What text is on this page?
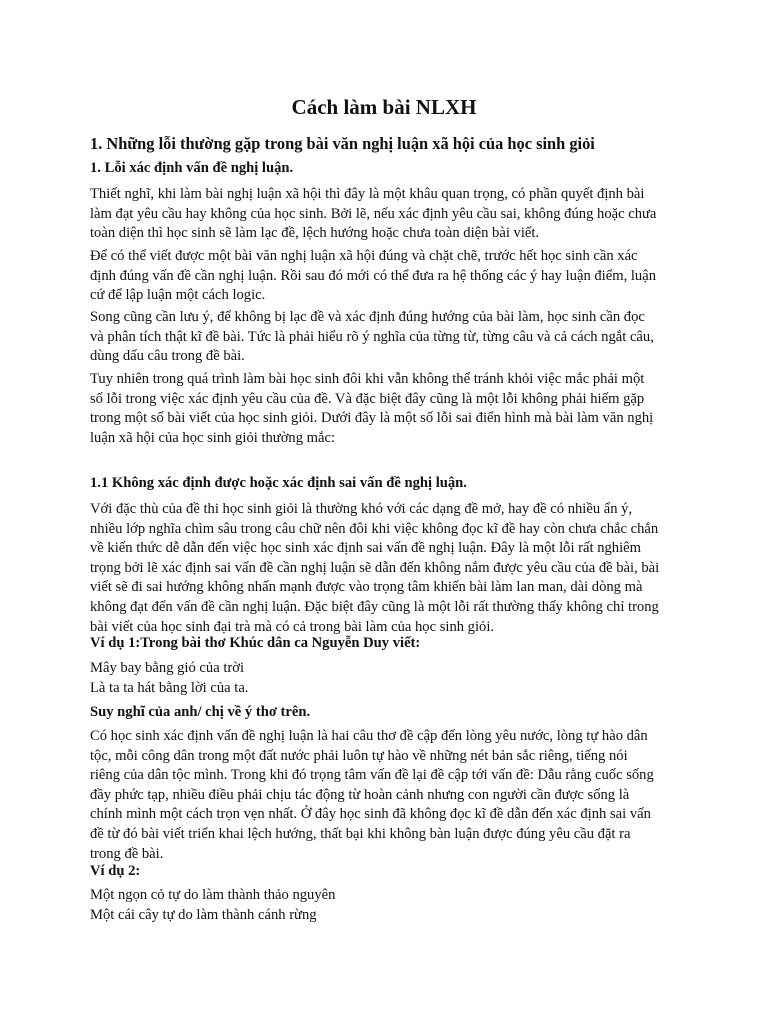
Cách làm bài NLXH
1. Những lỗi thường gặp trong bài văn nghị luận xã hội của học sinh giỏi
1. Lỗi xác định vấn đề nghị luận.
Thiết nghĩ, khi làm bài nghị luận xã hội thì đây là một khâu quan trọng, có phần quyết định bài
làm đạt yêu cầu hay không của học sinh. Bởi lẽ, nếu xác định yêu cầu sai, không đúng hoặc chưa
toàn diện thì học sinh sẽ làm lạc đề, lệch hướng hoặc chưa toàn diện bài viết.
Để có thể viết được một bài văn nghị luận xã hội đúng và chặt chẽ, trước hết học sinh cần xác
định đúng vấn đề cần nghị luận. Rồi sau đó mới có thể đưa ra hệ thống các ý hay luận điểm, luận
cứ để lập luận một cách logic.
Song cũng cần lưu ý, để không bị lạc đề và xác định đúng hướng của bài làm, học sinh cần đọc
và phân tích thật kĩ đề bài. Tức là phải hiểu rõ ý nghĩa của từng từ, từng câu và cả cách ngắt câu,
dùng dấu câu trong đề bài.
Tuy nhiên trong quá trình làm bài học sinh đôi khi vẫn không thể tránh khỏi việc mắc phải một
số lỗi trong việc xác định yêu cầu của đề. Và đặc biệt đây cũng là một lỗi không phải hiếm gặp
trong một số bài viết của học sinh giỏi. Dưới đây là một số lỗi sai điển hình mà bài làm văn nghị
luận xã hội của học sinh giỏi thường mắc:
1.1 Không xác định được hoặc xác định sai vấn đề nghị luận.
Với đặc thù của đề thi học sinh giỏi là thường khó với các dạng đề mở, hay đề có nhiều ẩn ý,
nhiều lớp nghĩa chìm sâu trong câu chữ nên đôi khi việc không đọc kĩ đề hay còn chưa chắc chắn
về kiến thức dễ dẫn đến việc học sinh xác định sai vấn đề nghị luận. Đây là một lỗi rất nghiêm
trọng bởi lẽ xác định sai vấn đề cần nghị luận sẽ dẫn đến không nắm được yêu cầu của đề bài, bài
viết sẽ đi sai hướng không nhấn mạnh được vào trọng tâm khiến bài làm lan man, dài dòng mà
không đạt đến vấn đề cần nghị luận. Đặc biệt đây cũng là một lỗi rất thường thấy không chỉ trong
bài viết của học sinh đại trà mà có cả trong bài làm của học sinh giỏi.
Ví dụ 1:Trong bài thơ Khúc dân ca Nguyễn Duy viết:
Mây bay bằng gió của trời
Là ta ta hát bằng lời của ta.
Suy nghĩ của anh/ chị về ý thơ trên.
Có học sinh xác định vấn đề nghị luận là hai câu thơ đề cập đến lòng yêu nước, lòng tự hào dân
tộc, mỗi công dân trong một đất nước phải luôn tự hào về những nét bản sắc riêng, tiếng nói
riêng của dân tộc mình. Trong khi đó trọng tâm vấn đề lại đề cập tới vấn đề: Dẫu rằng cuốc sống
đầy phức tạp, nhiều điều phải chịu tác động từ hoàn cảnh nhưng con người cần được sống là
chính mình một cách trọn vẹn nhất. Ở đây học sinh đã không đọc kĩ đề dẫn đến xác định sai vấn
đề từ đó bài viết triển khai lệch hướng, thất bại khi không bàn luận được đúng yêu cầu đặt ra
trong đề bài.
Ví dụ 2:
Một ngọn cỏ tự do làm thành thảo nguyên
Một cái cây tự do làm thành cánh rừng
